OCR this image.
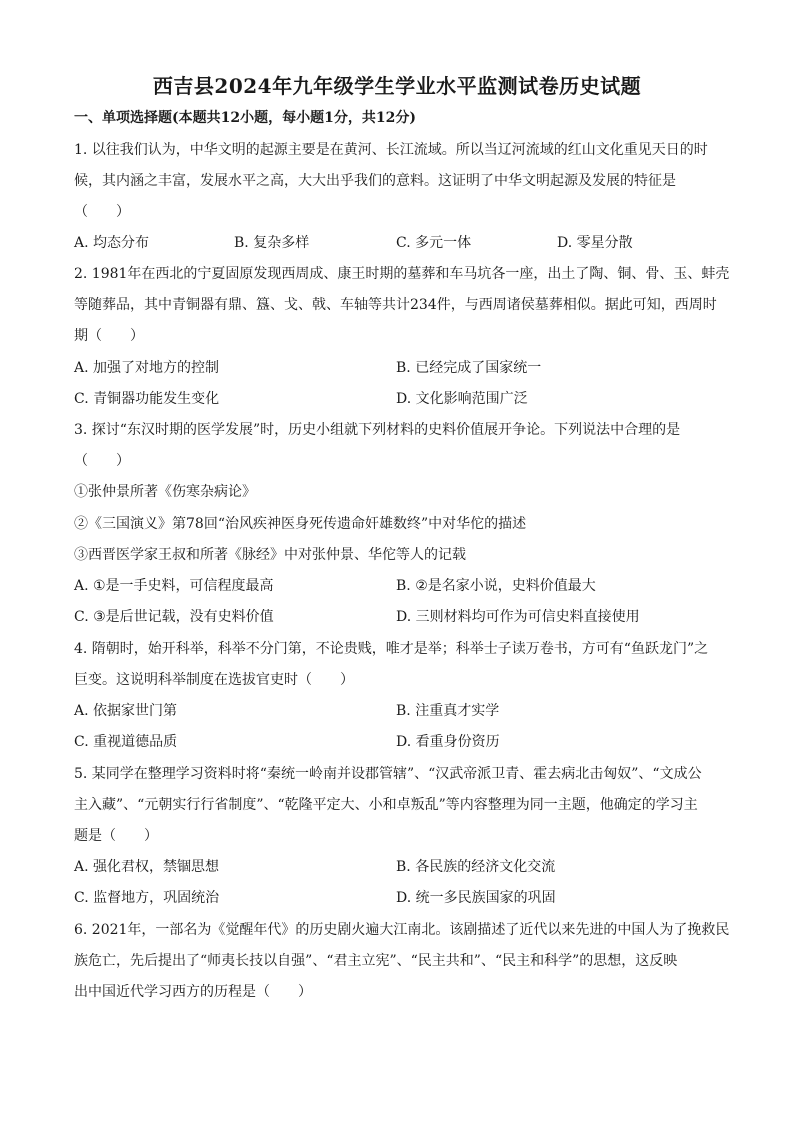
西吉县2024年九年级学生学业水平监测试卷历史试题
一、单项选择题(本题共12小题，每小题1分，共12分)
1. 以往我们认为，中华文明的起源主要是在黄河、长江流域。所以当辽河流域的红山文化重见天日的时
候，其内涵之丰富，发展水平之高，大大出乎我们的意料。这证明了中华文明起源及发展的特征是
（　　）
A. 均态分布	B. 复杂多样	C. 多元一体	D. 零星分散
2. 1981年在西北的宁夏固原发现西周成、康王时期的墓葬和车马坑各一座，出土了陶、铜、骨、玉、蚌壳
等随葬品，其中青铜器有鼎、簋、戈、戟、车轴等共计234件，与西周诸侯墓葬相似。据此可知，西周时
期（　　）
A. 加强了对地方的控制	B. 已经完成了国家统一
C. 青铜器功能发生变化	D. 文化影响范围广泛
3. 探讨“东汉时期的医学发展”时，历史小组就下列材料的史料价值展开争论。下列说法中合理的是
（　　）
①张仲景所著《伤寒杂病论》
②《三国演义》第78回“治风疾神医身死传遗命奸雄数终”中对华佗的描述
③西晋医学家王叔和所著《脉经》中对张仲景、华佗等人的记载
A. ①是一手史料，可信程度最高	B. ②是名家小说，史料价值最大
C. ③是后世记载，没有史料价值	D. 三则材料均可作为可信史料直接使用
4. 隋朝时，始开科举，科举不分门第，不论贵贱，唯才是举；科举士子读万卷书，方可有“鱼跃龙门”之
巨变。这说明科举制度在选拔官吏时（　　）
A. 依据家世门第	B. 注重真才实学
C. 重视道德品质	D. 看重身份资历
5. 某同学在整理学习资料时将“秦统一岭南并设郡管辖”、“汉武帝派卫青、霍去病北击匈奴”、“文成公
主入藏”、“元朝实行行省制度”、“乾隆平定大、小和卓叛乱”等内容整理为同一主题，他确定的学习主
题是（　　）
A. 强化君权，禁锢思想	B. 各民族的经济文化交流
C. 监督地方，巩固统治	D. 统一多民族国家的巩固
6. 2021年，一部名为《觉醒年代》的历史剧火遍大江南北。该剧描述了近代以来先进的中国人为了挽救民
族危亡，先后提出了“师夷长技以自强”、“君主立宪”、“民主共和”、“民主和科学”的思想，这反映
出中国近代学习西方的历程是（　　）
